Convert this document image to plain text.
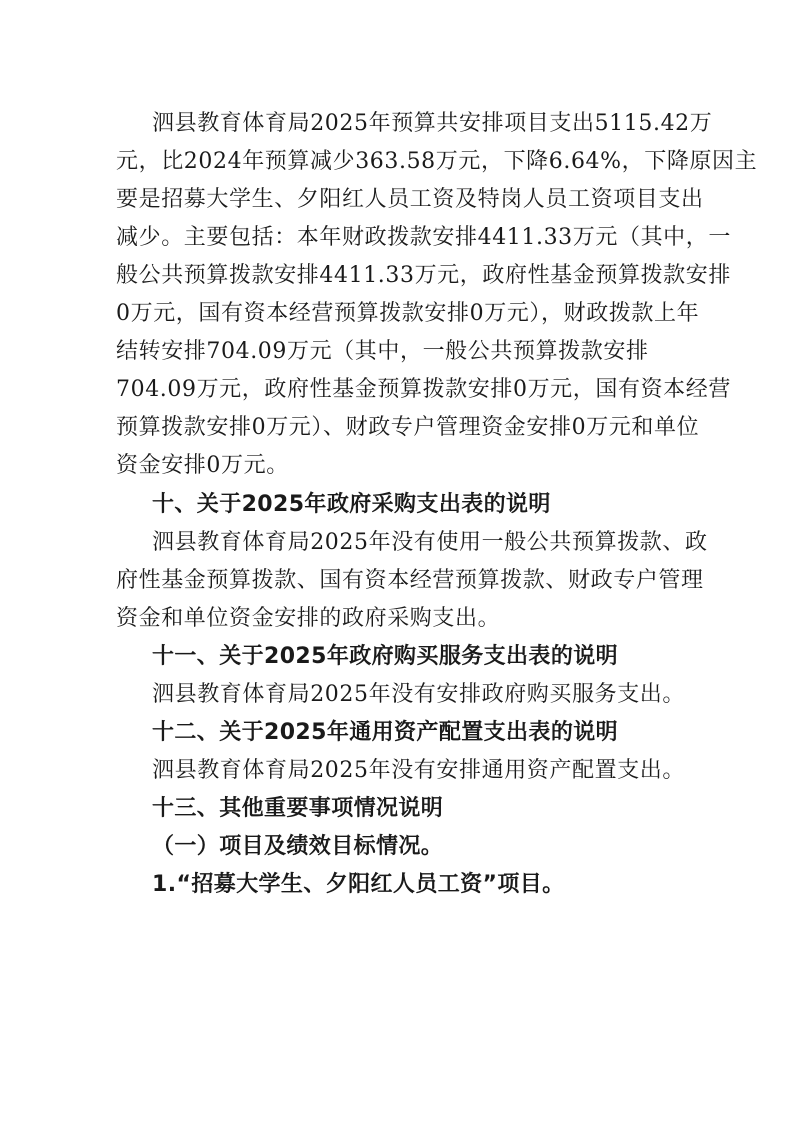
泗县教育体育局2025年预算共安排项目支出5115.42万
元，比2024年预算减少363.58万元，下降6.64%，下降原因主
要是招募大学生、夕阳红人员工资及特岗人员工资项目支出
减少。主要包括：本年财政拨款安排4411.33万元（其中，一
般公共预算拨款安排4411.33万元，政府性基金预算拨款安排
0万元，国有资本经营预算拨款安排0万元），财政拨款上年
结转安排704.09万元（其中，一般公共预算拨款安排
704.09万元，政府性基金预算拨款安排0万元，国有资本经营
预算拨款安排0万元）、财政专户管理资金安排0万元和单位
资金安排0万元。
十、关于2025年政府采购支出表的说明
泗县教育体育局2025年没有使用一般公共预算拨款、政
府性基金预算拨款、国有资本经营预算拨款、财政专户管理
资金和单位资金安排的政府采购支出。
十一、关于2025年政府购买服务支出表的说明
泗县教育体育局2025年没有安排政府购买服务支出。
十二、关于2025年通用资产配置支出表的说明
泗县教育体育局2025年没有安排通用资产配置支出。
十三、其他重要事项情况说明
（一）项目及绩效目标情况。
1.“招募大学生、夕阳红人员工资”项目。
